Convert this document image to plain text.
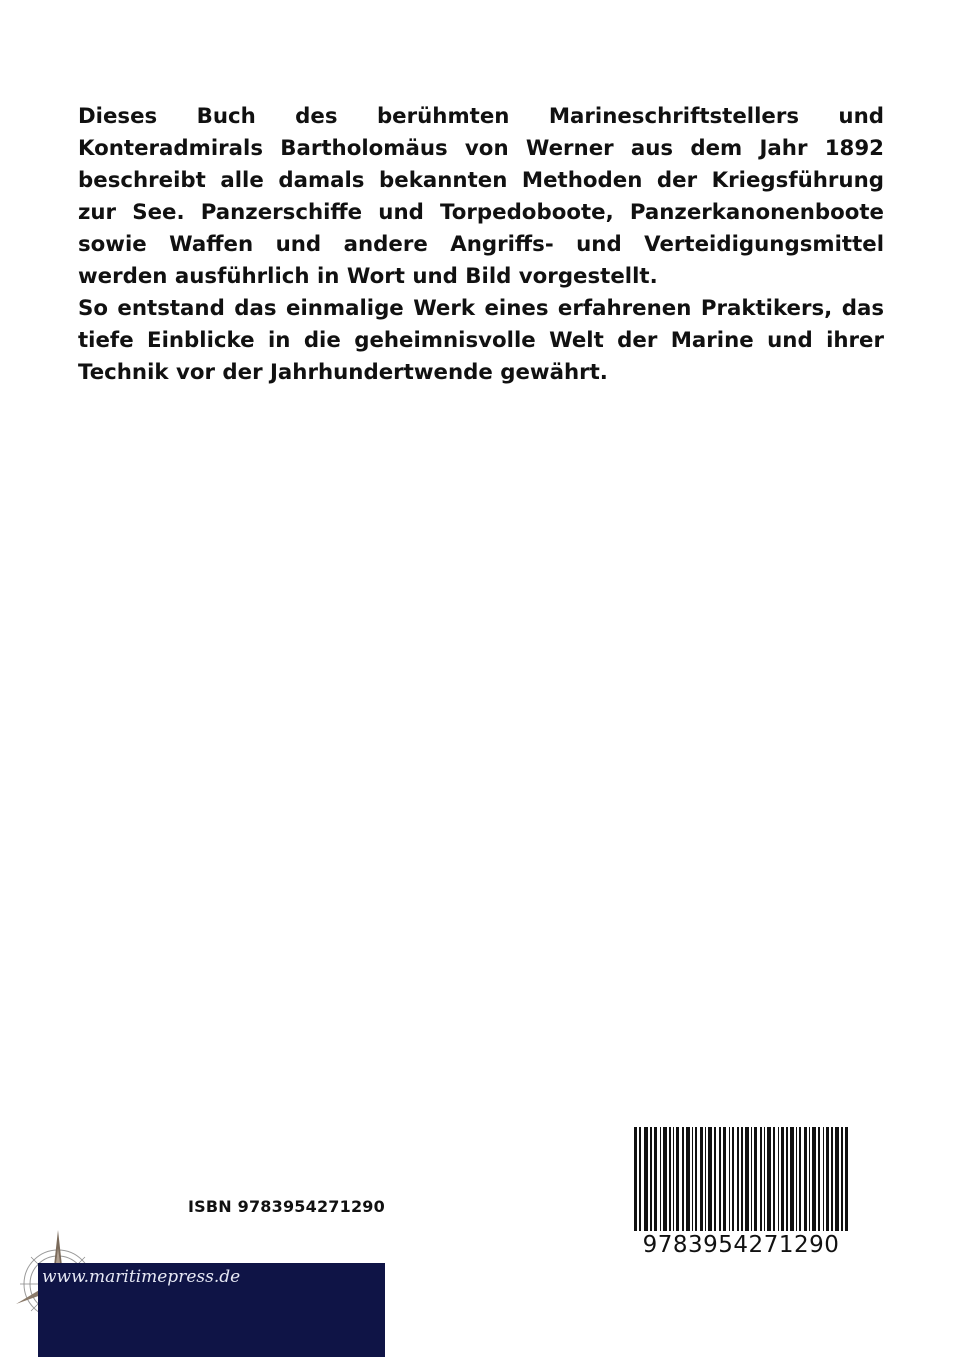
Dieses Buch des berühmten Marineschriftstellers und Konteradmirals Bartholomäus von Werner aus dem Jahr 1892 beschreibt alle damals bekannten Methoden der Kriegsführung zur See. Panzerschiffe und Torpedoboote, Panzerkanonenboote sowie Waffen und andere Angriffs- und Verteidigungsmittel werden ausführlich in Wort und Bild vorgestellt.

So entstand das einmalige Werk eines erfahrenen Praktikers, das tiefe Einblicke in die geheimnisvolle Welt der Marine und ihrer Technik vor der Jahrhundertwende gewährt.

ISBN 9783954271290
9783954271290
www.maritimepress.de
